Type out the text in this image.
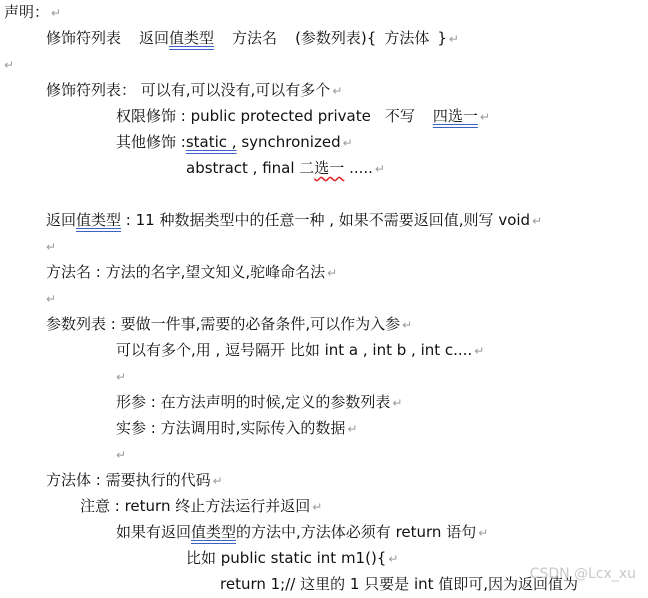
声明： ↵
修饰符列表 返回值类型 方法名 (参数列表){ 方法体 } ↵
↵
修饰符列表： 可以有,可以没有,可以有多个 ↵
权限修饰 : public protected private 不写 四选一 ↵
其他修饰 :static , synchronized ↵
abstract , final 二选一 ..... ↵
返回值类型 : 11 种数据类型中的任意一种 , 如果不需要返回值,则写 void ↵
↵
方法名 : 方法的名字,望文知义,驼峰命名法 ↵
↵
参数列表 : 要做一件事,需要的必备条件,可以作为入参 ↵
可以有多个,用 , 逗号隔开 比如 int a , int b , int c.... ↵
↵
形参 : 在方法声明的时候,定义的参数列表 ↵
实参 : 方法调用时,实际传入的数据 ↵
↵
方法体 : 需要执行的代码 ↵
注意 : return 终止方法运行并返回 ↵
如果有返回值类型的方法中,方法体必须有 return 语句 ↵
比如 public static int m1(){ ↵
return 1;// 这里的 1 只要是 int 值即可,因为返回值为
CSDN @Lcx_xu
